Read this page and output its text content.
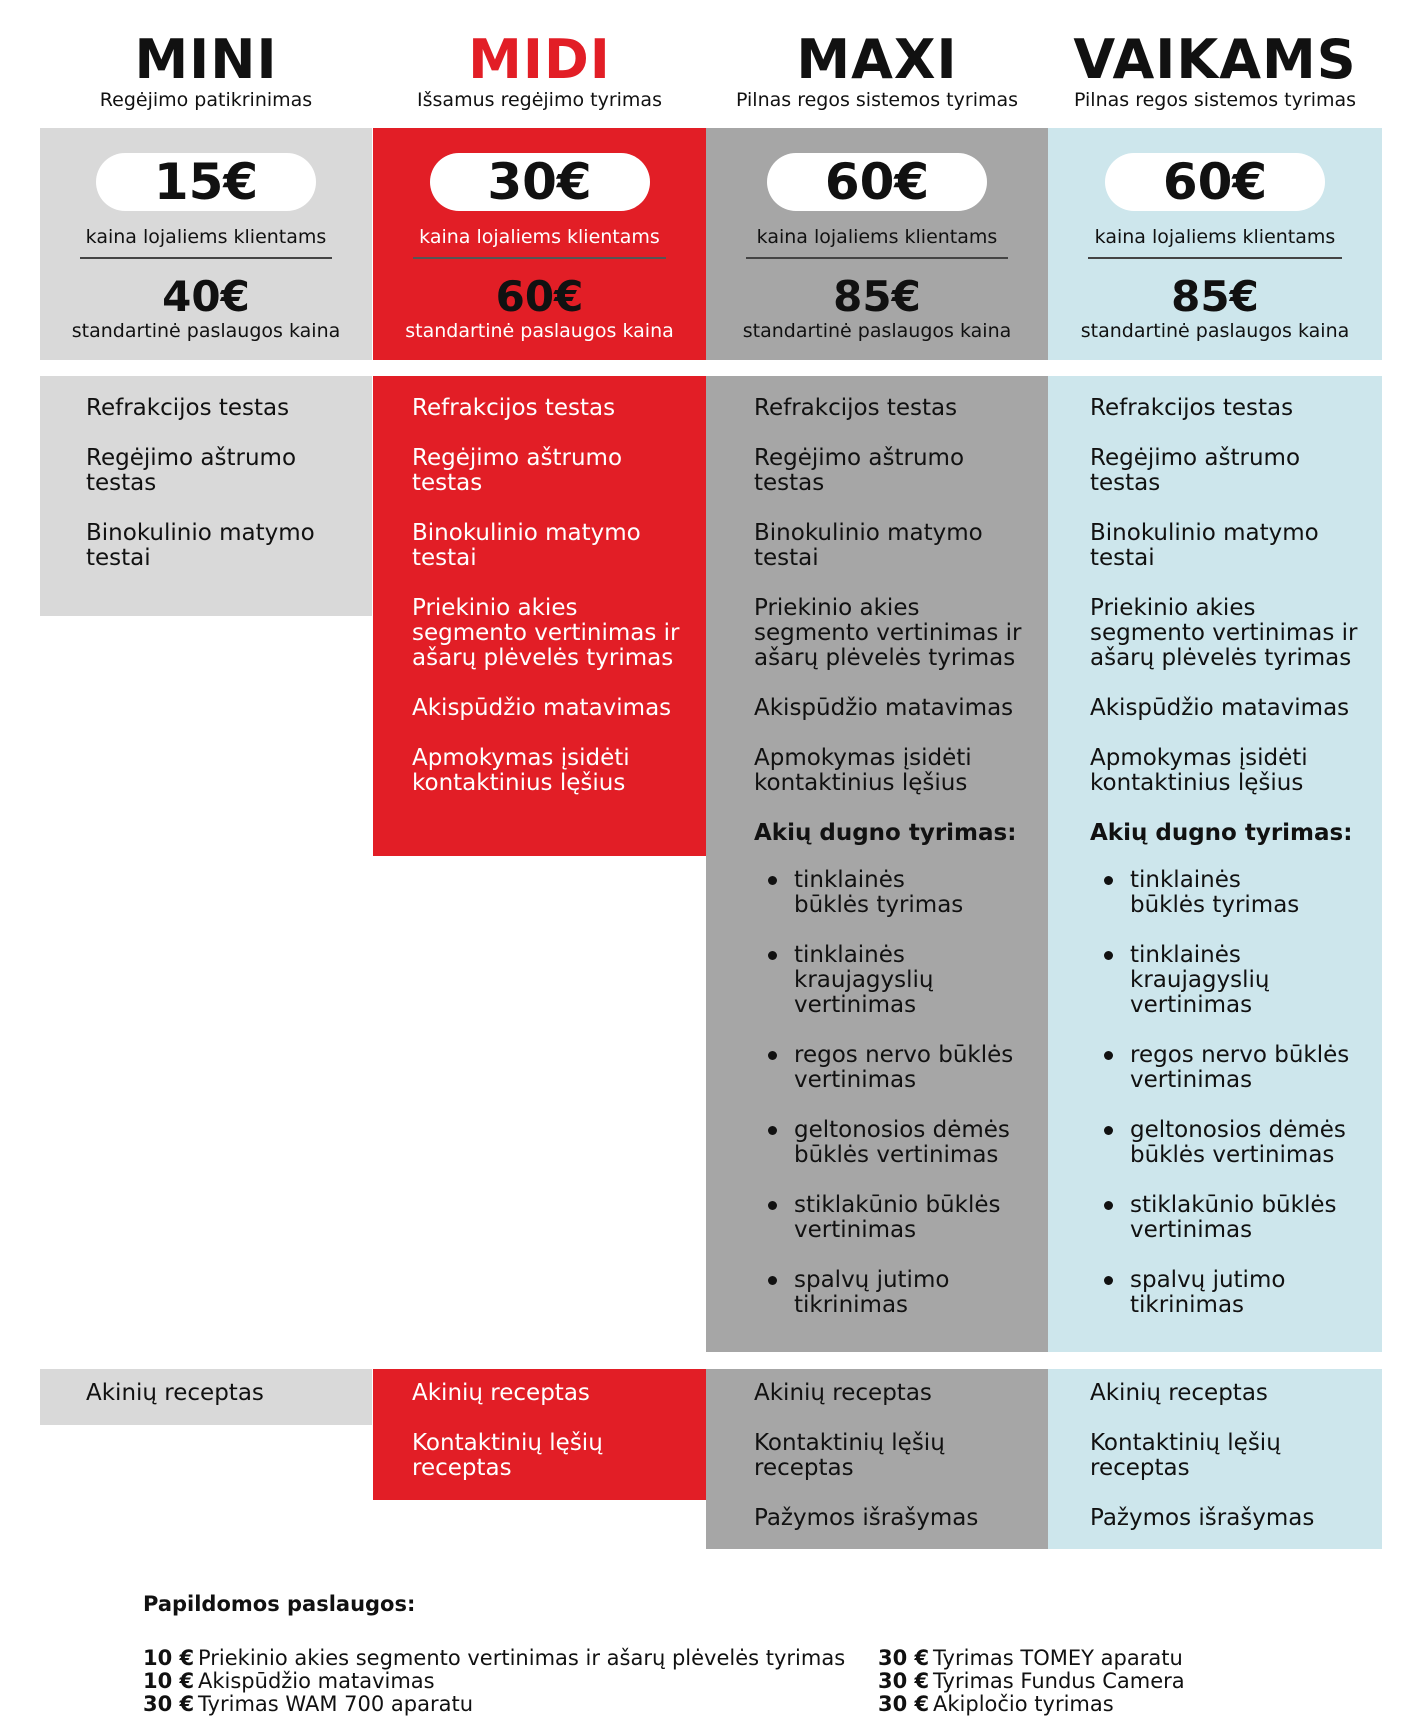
MINI
Regėjimo patikrinimas
MIDI
Išsamus regėjimo tyrimas
MAXI
Pilnas regos sistemos tyrimas
VAIKAMS
Pilnas regos sistemos tyrimas
15€
kaina lojaliems klientams
40€
standartinė paslaugos kaina
30€
kaina lojaliems klientams
60€
standartinė paslaugos kaina
60€
kaina lojaliems klientams
85€
standartinė paslaugos kaina
60€
kaina lojaliems klientams
85€
standartinė paslaugos kaina
Refrakcijos testas
Regėjimo aštrumo testas
Binokulinio matymo testai
Refrakcijos testas
Regėjimo aštrumo testas
Binokulinio matymo testai
Priekinio akies segmento vertinimas ir ašarų plėvelės tyrimas
Akispūdžio matavimas
Apmokymas įsidėti kontaktinius lęšius
Refrakcijos testas
Regėjimo aštrumo testas
Binokulinio matymo testai
Priekinio akies segmento vertinimas ir ašarų plėvelės tyrimas
Akispūdžio matavimas
Apmokymas įsidėti kontaktinius lęšius
Akių dugno tyrimas:
tinklainės būklės tyrimas
tinklainės kraujagyslių vertinimas
regos nervo būklės vertinimas
geltonosios dėmės būklės vertinimas
stiklakūnio būklės vertinimas
spalvų jutimo tikrinimas
Refrakcijos testas
Regėjimo aštrumo testas
Binokulinio matymo testai
Priekinio akies segmento vertinimas ir ašarų plėvelės tyrimas
Akispūdžio matavimas
Apmokymas įsidėti kontaktinius lęšius
Akių dugno tyrimas:
tinklainės būklės tyrimas
tinklainės kraujagyslių vertinimas
regos nervo būklės vertinimas
geltonosios dėmės būklės vertinimas
stiklakūnio būklės vertinimas
spalvų jutimo tikrinimas
Akinių receptas	Akinių receptas
Kontaktinių lęšių receptas
Akinių receptas
Kontaktinių lęšių receptas
Pažymos išrašymas
Akinių receptas
Kontaktinių lęšių receptas
Pažymos išrašymas
Papildomos paslaugos:
10 € Priekinio akies segmento vertinimas ir ašarų plėvelės tyrimas
10 € Akispūdžio matavimas
30 € Tyrimas WAM 700 aparatu
30 € Tyrimas TOMEY aparatu
30 € Tyrimas Fundus Camera
30 € Akipločio tyrimas
